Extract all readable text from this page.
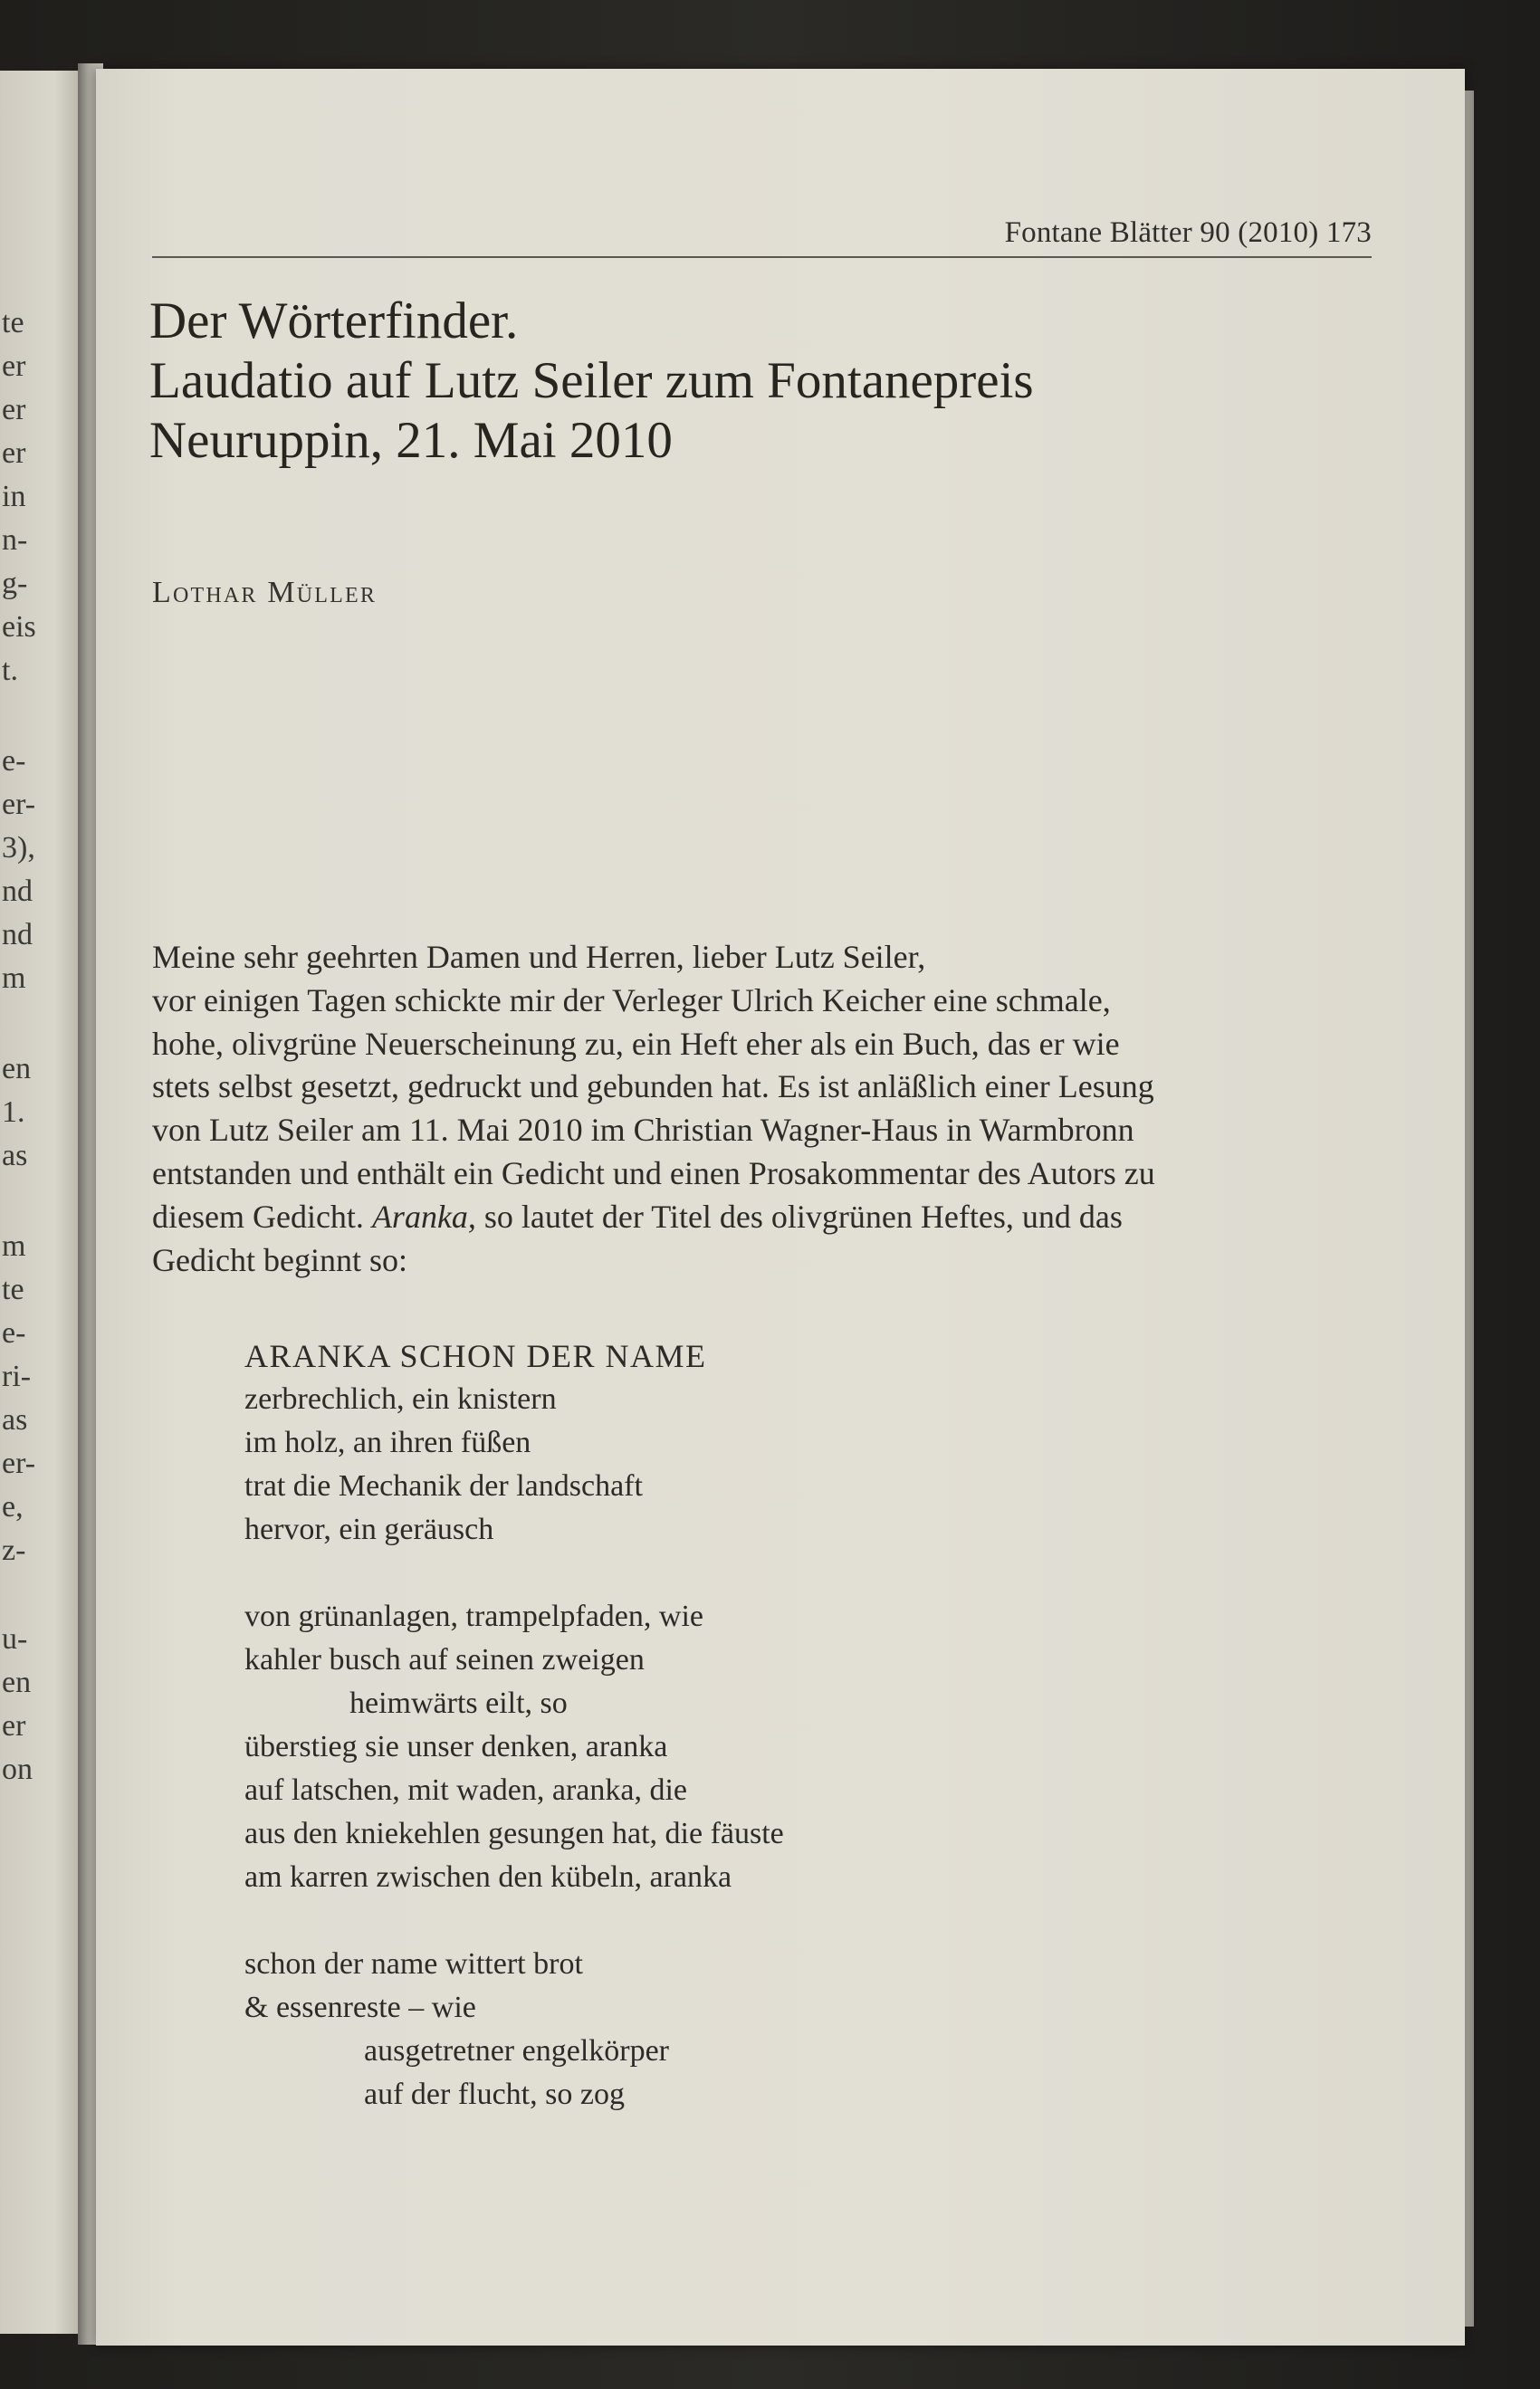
te
er
er
er
in
n-
g-
eis
t.
e-
er-
3),
nd
nd
m
en
1.
as
m
te
e-
ri-
as
er-
e,
z-
u-
en
er
on
Fontane Blätter 90 (2010) 173
Der Wörterfinder.
Laudatio auf Lutz Seiler zum Fontanepreis
Neuruppin, 21. Mai 2010
Lothar Müller
Meine sehr geehrten Damen und Herren, lieber Lutz Seiler,
vor einigen Tagen schickte mir der Verleger Ulrich Keicher eine schmale,
hohe, olivgrüne Neuerscheinung zu, ein Heft eher als ein Buch, das er wie
stets selbst gesetzt, gedruckt und gebunden hat. Es ist anläßlich einer Lesung
von Lutz Seiler am 11. Mai 2010 im Christian Wagner-Haus in Warmbronn
entstanden und enthält ein Gedicht und einen Prosakommentar des Autors zu
diesem Gedicht. Aranka, so lautet der Titel des olivgrünen Heftes, und das
Gedicht beginnt so:
ARANKA SCHON DER NAME
zerbrechlich, ein knistern
im holz, an ihren füßen
trat die Mechanik der landschaft
hervor, ein geräusch
von grünanlagen, trampelpfaden, wie
kahler busch auf seinen zweigen
heimwärts eilt, so
überstieg sie unser denken, aranka
auf latschen, mit waden, aranka, die
aus den kniekehlen gesungen hat, die fäuste
am karren zwischen den kübeln, aranka
schon der name wittert brot
& essenreste – wie
ausgetretner engelkörper
auf der flucht, so zog
